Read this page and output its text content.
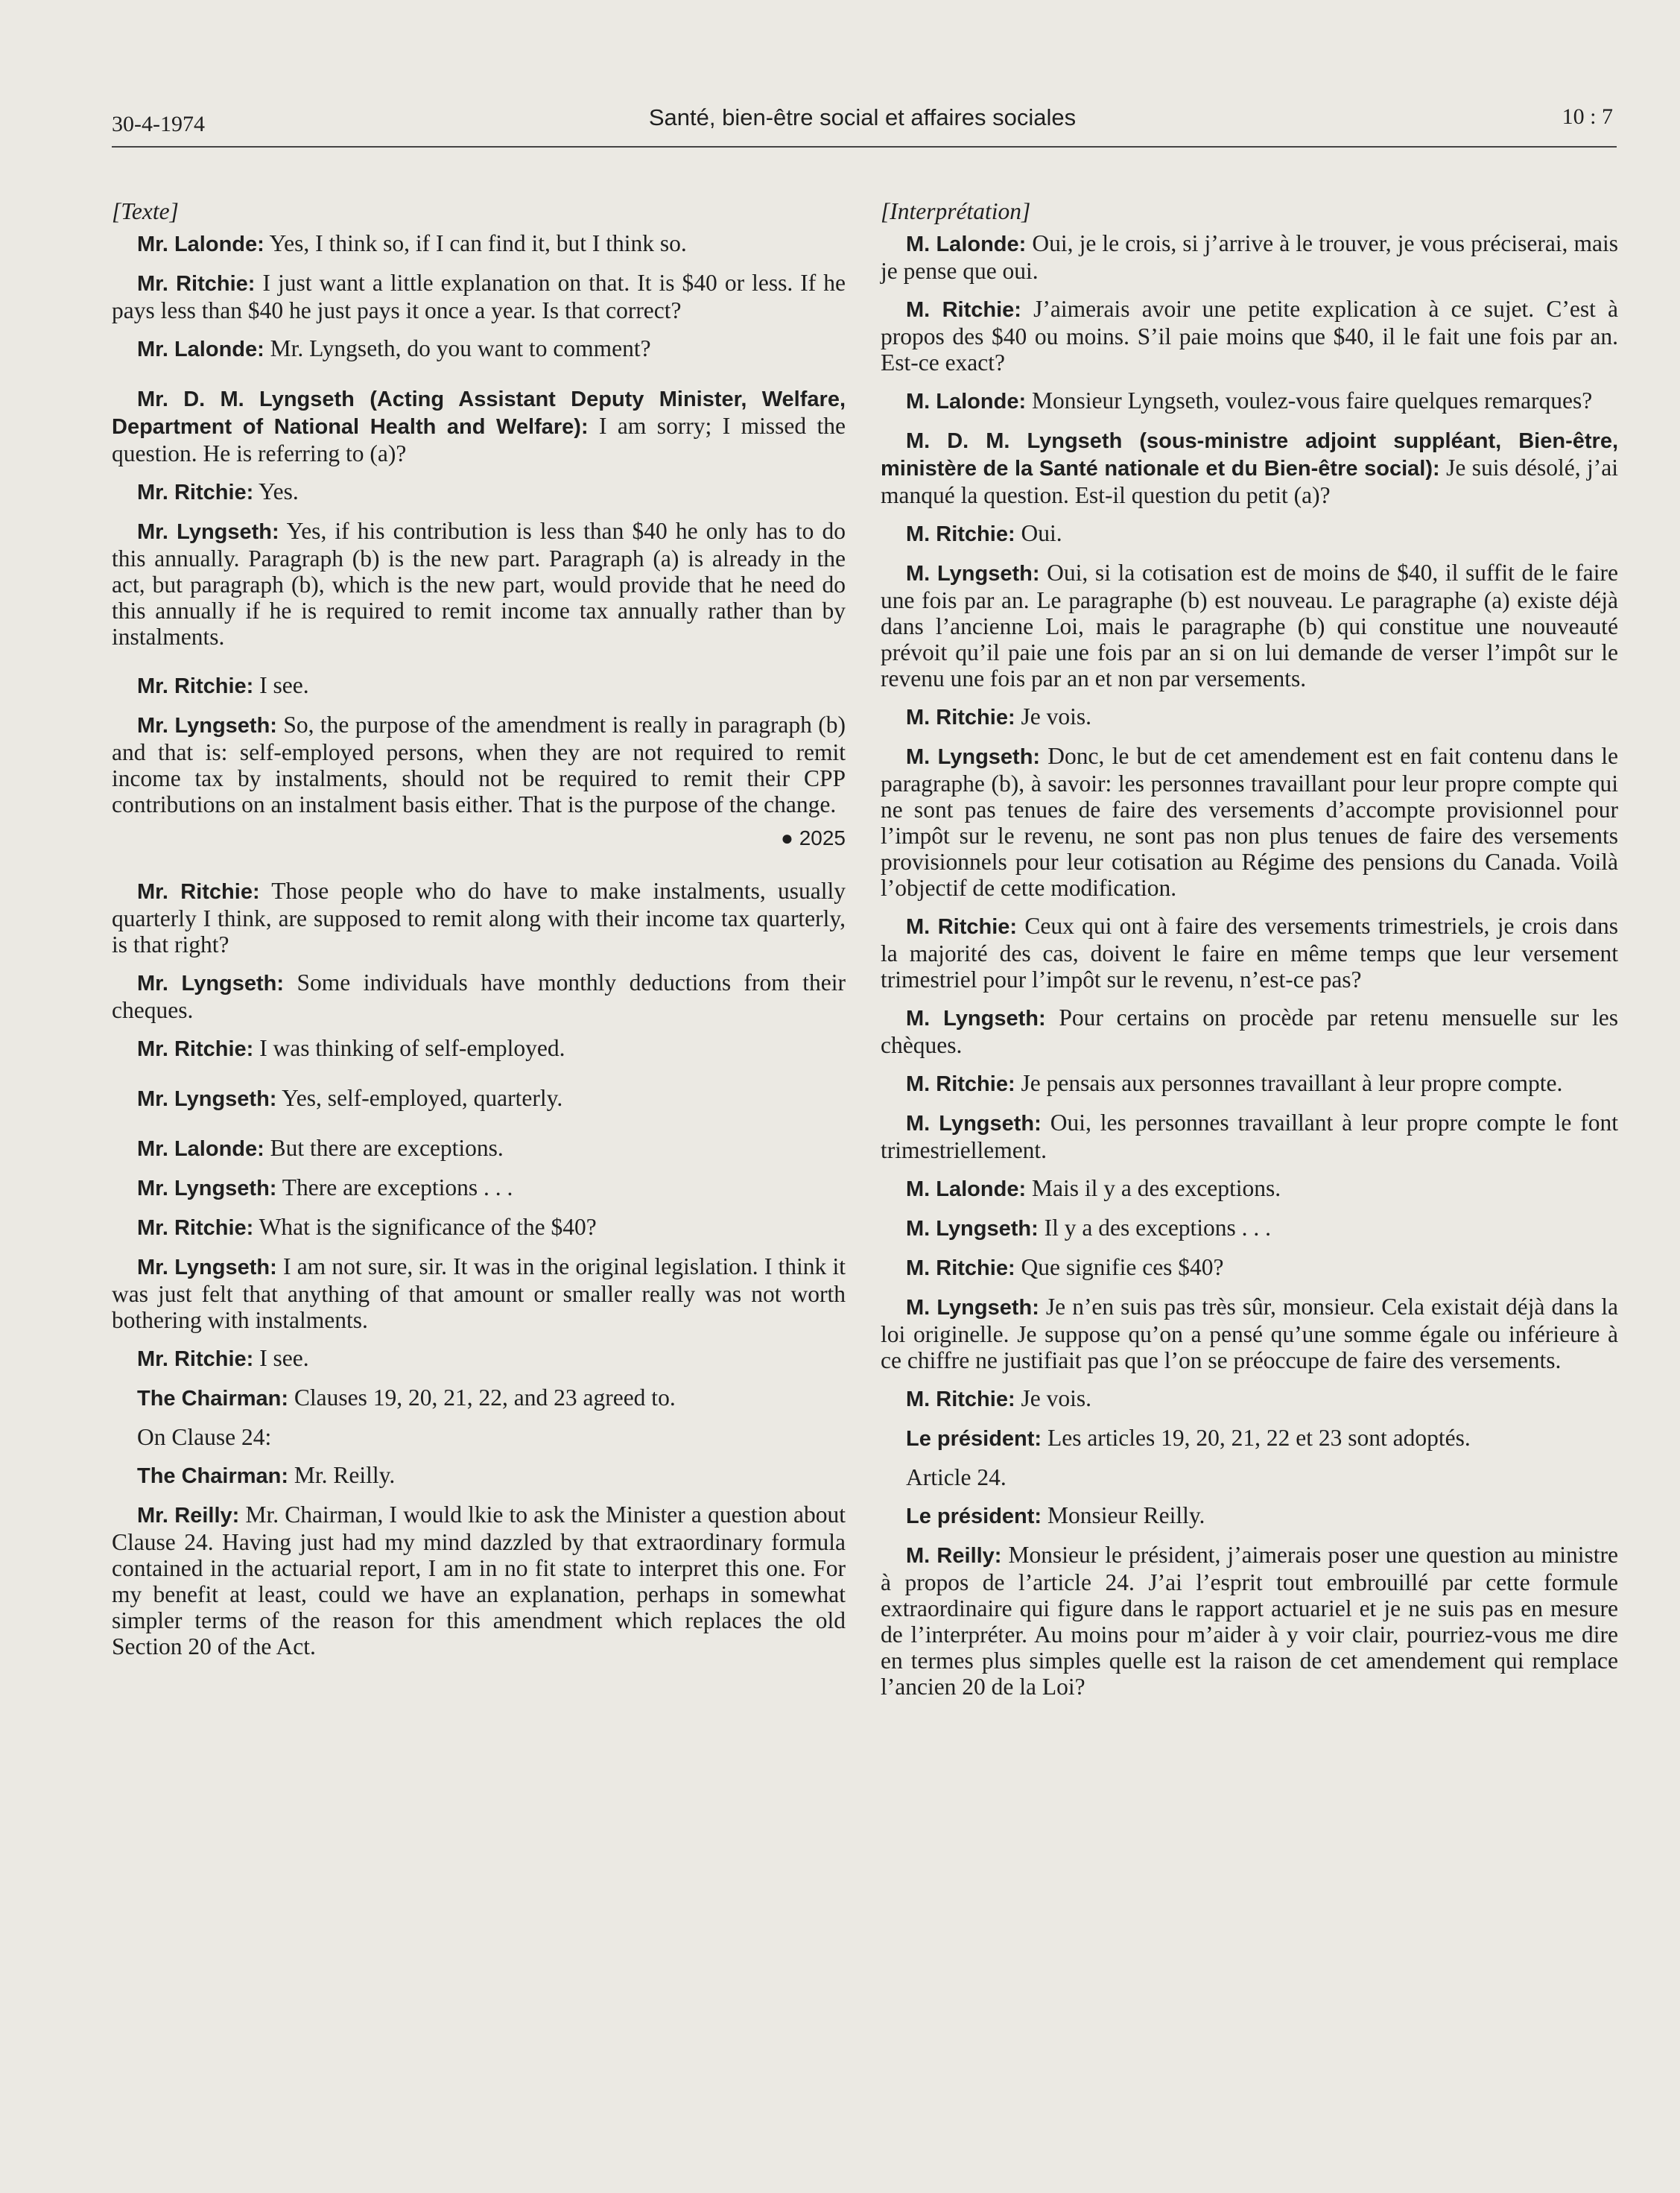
30-4-1974	Santé, bien-être social et affaires sociales	10 : 7

[Texte]

Mr. Lalonde: Yes, I think so, if I can find it, but I think so.

Mr. Ritchie: I just want a little explanation on that. It is $40 or less. If he pays less than $40 he just pays it once a year. Is that correct?

Mr. Lalonde: Mr. Lyngseth, do you want to comment?

Mr. D. M. Lyngseth (Acting Assistant Deputy Minister, Welfare, Department of National Health and Welfare): I am sorry; I missed the question. He is referring to (a)?

Mr. Ritchie: Yes.

Mr. Lyngseth: Yes, if his contribution is less than $40 he only has to do this annually. Paragraph (b) is the new part. Paragraph (a) is already in the act, but paragraph (b), which is the new part, would provide that he need do this annually if he is required to remit income tax annually rather than by instalments.

Mr. Ritchie: I see.

Mr. Lyngseth: So, the purpose of the amendment is really in paragraph (b) and that is: self-employed persons, when they are not required to remit income tax by instalments, should not be required to remit their CPP contributions on an instalment basis either. That is the purpose of the change.

● 2025

Mr. Ritchie: Those people who do have to make instalments, usually quarterly I think, are supposed to remit along with their income tax quarterly, is that right?

Mr. Lyngseth: Some individuals have monthly deductions from their cheques.

Mr. Ritchie: I was thinking of self-employed.

Mr. Lyngseth: Yes, self-employed, quarterly.

Mr. Lalonde: But there are exceptions.

Mr. Lyngseth: There are exceptions . . .

Mr. Ritchie: What is the significance of the $40?

Mr. Lyngseth: I am not sure, sir. It was in the original legislation. I think it was just felt that anything of that amount or smaller really was not worth bothering with instalments.

Mr. Ritchie: I see.

The Chairman: Clauses 19, 20, 21, 22, and 23 agreed to.

On Clause 24:

The Chairman: Mr. Reilly.

Mr. Reilly: Mr. Chairman, I would lkie to ask the Minister a question about Clause 24. Having just had my mind dazzled by that extraordinary formula contained in the actuarial report, I am in no fit state to interpret this one. For my benefit at least, could we have an explanation, perhaps in somewhat simpler terms of the reason for this amendment which replaces the old Section 20 of the Act.

[Interprétation]

M. Lalonde: Oui, je le crois, si j’arrive à le trouver, je vous préciserai, mais je pense que oui.

M. Ritchie: J’aimerais avoir une petite explication à ce sujet. C’est à propos des $40 ou moins. S’il paie moins que $40, il le fait une fois par an. Est-ce exact?

M. Lalonde: Monsieur Lyngseth, voulez-vous faire quelques remarques?

M. D. M. Lyngseth (sous-ministre adjoint suppléant, Bien-être, ministère de la Santé nationale et du Bien-être social): Je suis désolé, j’ai manqué la question. Est-il question du petit (a)?

M. Ritchie: Oui.

M. Lyngseth: Oui, si la cotisation est de moins de $40, il suffit de le faire une fois par an. Le paragraphe (b) est nouveau. Le paragraphe (a) existe déjà dans l’ancienne Loi, mais le paragraphe (b) qui constitue une nouveauté prévoit qu’il paie une fois par an si on lui demande de verser l’impôt sur le revenu une fois par an et non par versements.

M. Ritchie: Je vois.

M. Lyngseth: Donc, le but de cet amendement est en fait contenu dans le paragraphe (b), à savoir: les personnes travaillant pour leur propre compte qui ne sont pas tenues de faire des versements d’accompte provisionnel pour l’impôt sur le revenu, ne sont pas non plus tenues de faire des versements provisionnels pour leur cotisation au Régime des pensions du Canada. Voilà l’objectif de cette modification.

M. Ritchie: Ceux qui ont à faire des versements trimestriels, je crois dans la majorité des cas, doivent le faire en même temps que leur versement trimestriel pour l’impôt sur le revenu, n’est-ce pas?

M. Lyngseth: Pour certains on procède par retenu mensuelle sur les chèques.

M. Ritchie: Je pensais aux personnes travaillant à leur propre compte.

M. Lyngseth: Oui, les personnes travaillant à leur propre compte le font trimestriellement.

M. Lalonde: Mais il y a des exceptions.

M. Lyngseth: Il y a des exceptions . . .

M. Ritchie: Que signifie ces $40?

M. Lyngseth: Je n’en suis pas très sûr, monsieur. Cela existait déjà dans la loi originelle. Je suppose qu’on a pensé qu’une somme égale ou inférieure à ce chiffre ne justifiait pas que l’on se préoccupe de faire des versements.

M. Ritchie: Je vois.

Le président: Les articles 19, 20, 21, 22 et 23 sont adoptés.

Article 24.

Le président: Monsieur Reilly.

M. Reilly: Monsieur le président, j’aimerais poser une question au ministre à propos de l’article 24. J’ai l’esprit tout embrouillé par cette formule extraordinaire qui figure dans le rapport actuariel et je ne suis pas en mesure de l’interpréter. Au moins pour m’aider à y voir clair, pourriez-vous me dire en termes plus simples quelle est la raison de cet amendement qui remplace l’ancien 20 de la Loi?
